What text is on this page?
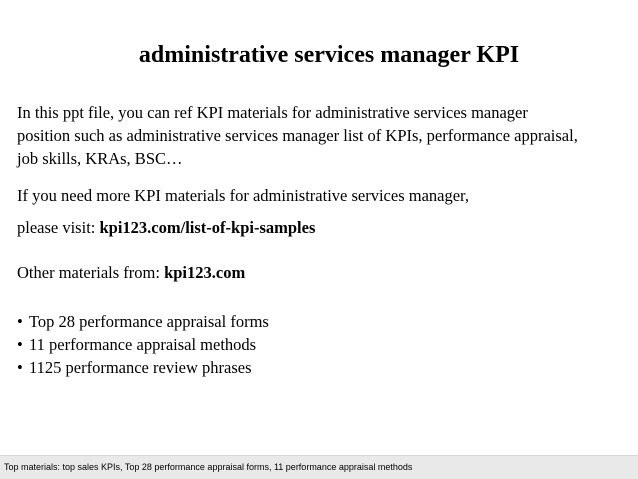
administrative services manager KPI
In this ppt file, you can ref KPI materials for administrative services manager
position such as administrative services manager list of KPIs, performance appraisal,
job skills, KRAs, BSC…
If you need more KPI materials for administrative services manager,
please visit: kpi123.com/list-of-kpi-samples
Other materials from: kpi123.com
• Top 28 performance appraisal forms
• 11 performance appraisal methods
• 1125 performance review phrases
Top materials: top sales KPIs, Top 28 performance appraisal forms, 11 performance appraisal methods
